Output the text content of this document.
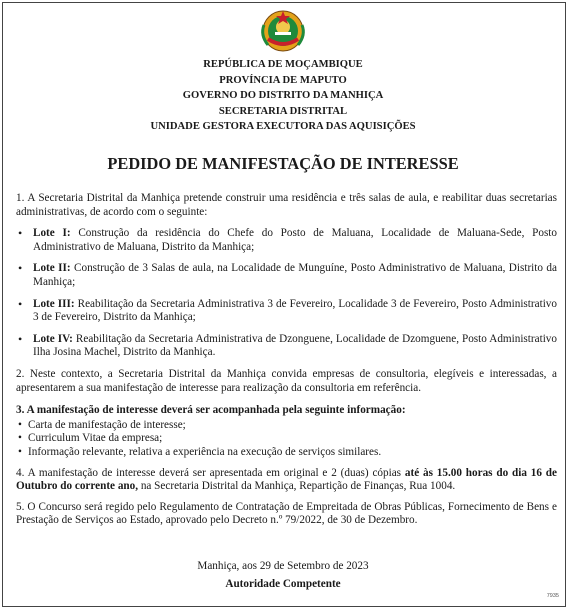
REPÚBLICA DE MOÇAMBIQUE
PROVÍNCIA DE MAPUTO
GOVERNO DO DISTRITO DA MANHIÇA
SECRETARIA DISTRITAL
UNIDADE GESTORA EXECUTORA DAS AQUISIÇÕES
PEDIDO DE MANIFESTAÇÃO DE INTERESSE

1. A Secretaria Distrital da Manhiça pretende construir uma residência e três salas de aula, e reabilitar duas secretarias administrativas, de acordo com o seguinte:

• Lote I: Construção da residência do Chefe do Posto de Maluana, Localidade de Maluana-Sede, Posto Administrativo de Maluana, Distrito da Manhiça;
• Lote II: Construção de 3 Salas de aula, na Localidade de Munguíne, Posto Administrativo de Maluana, Distrito da Manhiça;
• Lote III: Reabilitação da Secretaria Administrativa 3 de Fevereiro, Localidade 3 de Fevereiro, Posto Administrativo 3 de Fevereiro, Distrito da Manhiça;
• Lote IV: Reabilitação da Secretaria Administrativa de Dzonguene, Localidade de Dzomguene, Posto Administrativo Ilha Josina Machel, Distrito da Manhiça.

2. Neste contexto, a Secretaria Distrital da Manhiça convida empresas de consultoria, elegíveis e interessadas, a apresentarem a sua manifestação de interesse para realização da consultoria em referência.

3. A manifestação de interesse deverá ser acompanhada pela seguinte informação:

• Carta de manifestação de interesse;
• Curriculum Vitae da empresa;
• Informação relevante, relativa a experiência na execução de serviços similares.

4. A manifestação de interesse deverá ser apresentada em original e 2 (duas) cópias até às 15.00 horas do dia 16 de Outubro do corrente ano, na Secretaria Distrital da Manhiça, Repartição de Finanças, Rua 1004.

5. O Concurso será regido pelo Regulamento de Contratação de Empreitada de Obras Públicas, Fornecimento de Bens e Prestação de Serviços ao Estado, aprovado pelo Decreto n.º 79/2022, de 30 de Dezembro.

Manhiça, aos 29 de Setembro de 2023
Autoridade Competente
7935
